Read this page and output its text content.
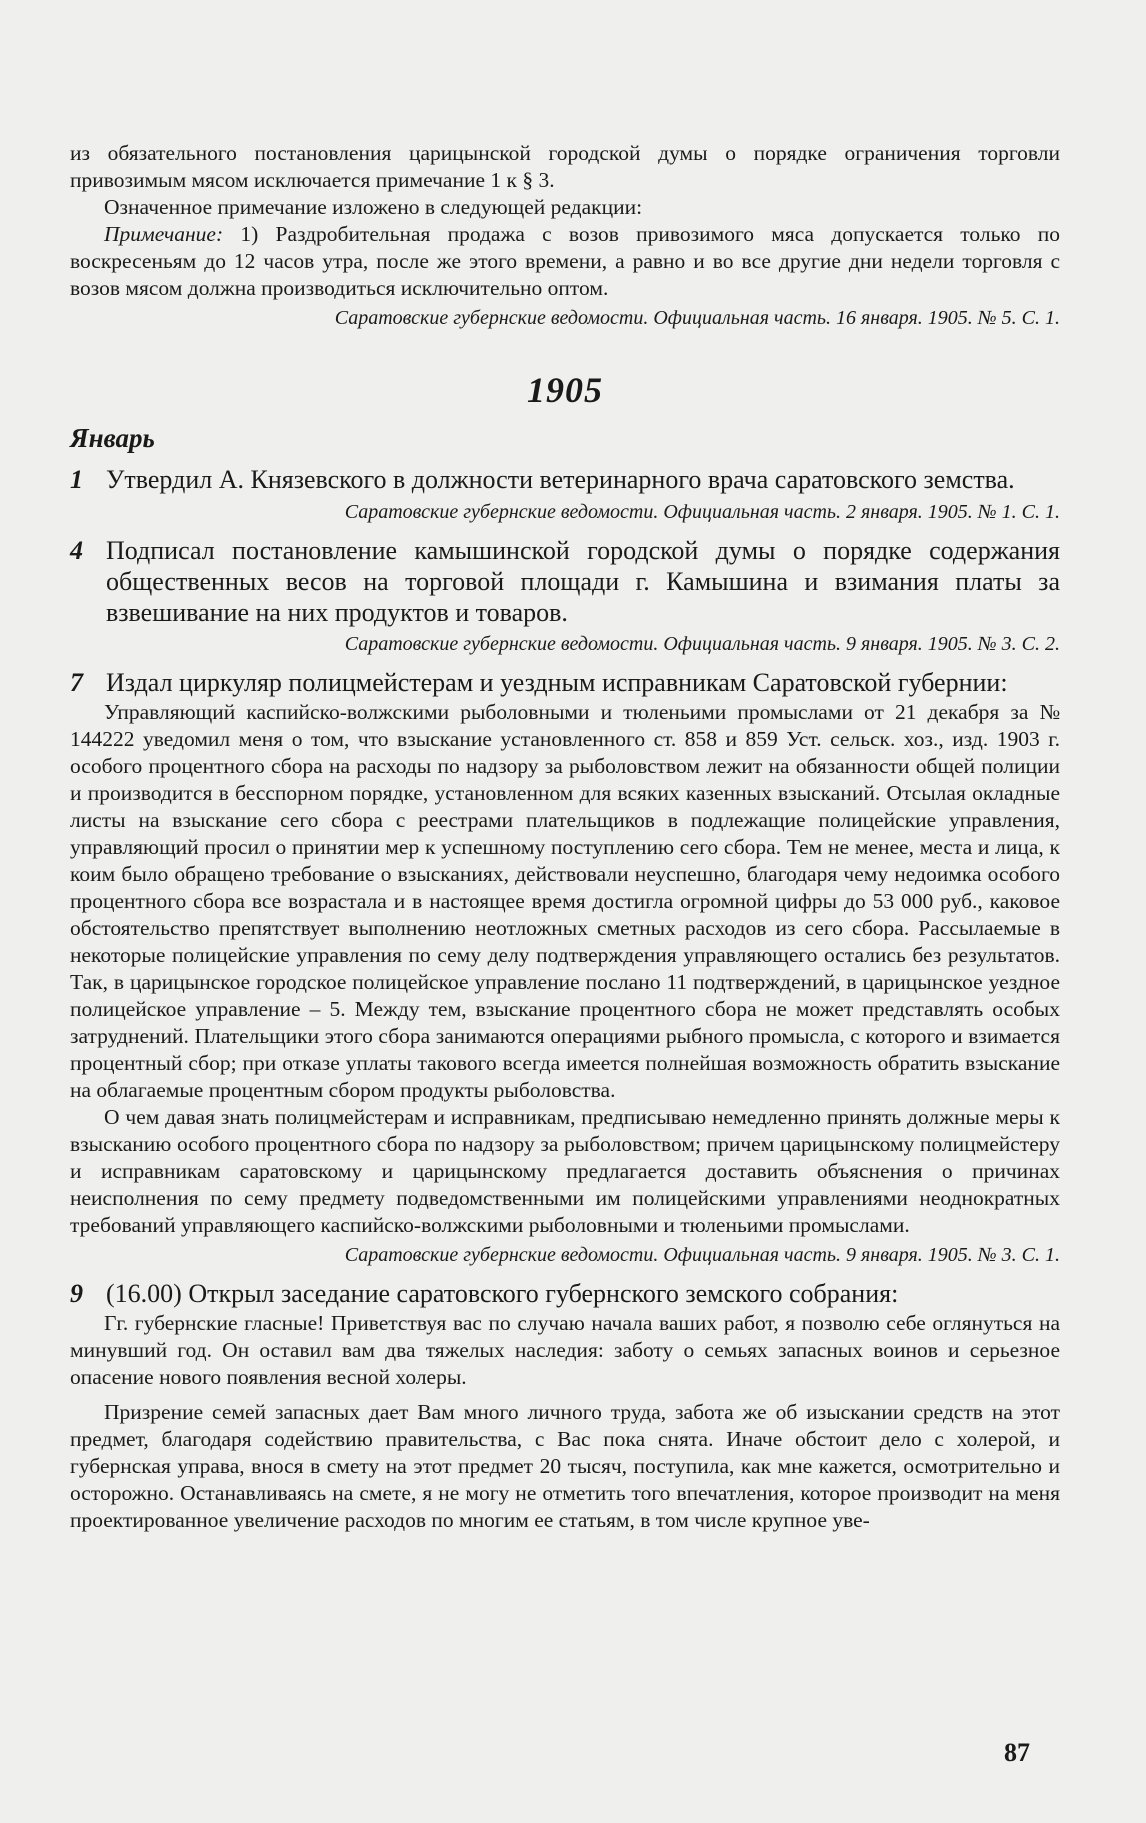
из обязательного постановления царицынской городской думы о порядке ограничения торговли привозимым мясом исключается примечание 1 к § 3.

Означенное примечание изложено в следующей редакции:

Примечание: 1) Раздробительная продажа с возов привозимого мяса допускается только по воскресеньям до 12 часов утра, после же этого времени, а равно и во все другие дни недели торговля с возов мясом должна производиться исключительно оптом.

Саратовские губернские ведомости. Официальная часть. 16 января. 1905. № 5. С. 1.

1905

Январь

1 Утвердил А. Князевского в должности ветеринарного врача саратовского земства.

Саратовские губернские ведомости. Официальная часть. 2 января. 1905. № 1. С. 1.

4 Подписал постановление камышинской городской думы о порядке содержания общественных весов на торговой площади г. Камышина и взимания платы за взвешивание на них продуктов и товаров.

Саратовские губернские ведомости. Официальная часть. 9 января. 1905. № 3. С. 2.

7 Издал циркуляр полицмейстерам и уездным исправникам Саратовской губернии:

Управляющий каспийско-волжскими рыболовными и тюленьими промыслами от 21 декабря за № 144222 уведомил меня о том, что взыскание установленного ст. 858 и 859 Уст. сельск. хоз., изд. 1903 г. особого процентного сбора на расходы по надзору за рыболовством лежит на обязанности общей полиции и производится в бесспорном порядке, установленном для всяких казенных взысканий. Отсылая окладные листы на взыскание сего сбора с реестрами плательщиков в подлежащие полицейские управления, управляющий просил о принятии мер к успешному поступлению сего сбора. Тем не менее, места и лица, к коим было обращено требование о взысканиях, действовали неуспешно, благодаря чему недоимка особого процентного сбора все возрастала и в настоящее время достигла огромной цифры до 53 000 руб., каковое обстоятельство препятствует выполнению неотложных сметных расходов из сего сбора. Рассылаемые в некоторые полицейские управления по сему делу подтверждения управляющего остались без результатов. Так, в царицынское городское полицейское управление послано 11 подтверждений, в царицынское уездное полицейское управление – 5. Между тем, взыскание процентного сбора не может представлять особых затруднений. Плательщики этого сбора занимаются операциями рыбного промысла, с которого и взимается процентный сбор; при отказе уплаты такового всегда имеется полнейшая возможность обратить взыскание на облагаемые процентным сбором продукты рыболовства.

О чем давая знать полицмейстерам и исправникам, предписываю немедленно принять должные меры к взысканию особого процентного сбора по надзору за рыболовством; причем царицынскому полицмейстеру и исправникам саратовскому и царицынскому предлагается доставить объяснения о причинах неисполнения по сему предмету подведомственными им полицейскими управлениями неоднократных требований управляющего каспийско-волжскими рыболовными и тюленьими промыслами.

Саратовские губернские ведомости. Официальная часть. 9 января. 1905. № 3. С. 1.

9 (16.00) Открыл заседание саратовского губернского земского собрания:

Гг. губернские гласные! Приветствуя вас по случаю начала ваших работ, я позволю себе оглянуться на минувший год. Он оставил вам два тяжелых наследия: заботу о семьях запасных воинов и серьезное опасение нового появления весной холеры.

Призрение семей запасных дает Вам много личного труда, забота же об изыскании средств на этот предмет, благодаря содействию правительства, с Вас пока снята. Иначе обстоит дело с холерой, и губернская управа, внося в смету на этот предмет 20 тысяч, поступила, как мне кажется, осмотрительно и осторожно. Останавливаясь на смете, я не могу не отметить того впечатления, которое производит на меня проектированное увеличение расходов по многим ее статьям, в том числе крупное уве-

87
